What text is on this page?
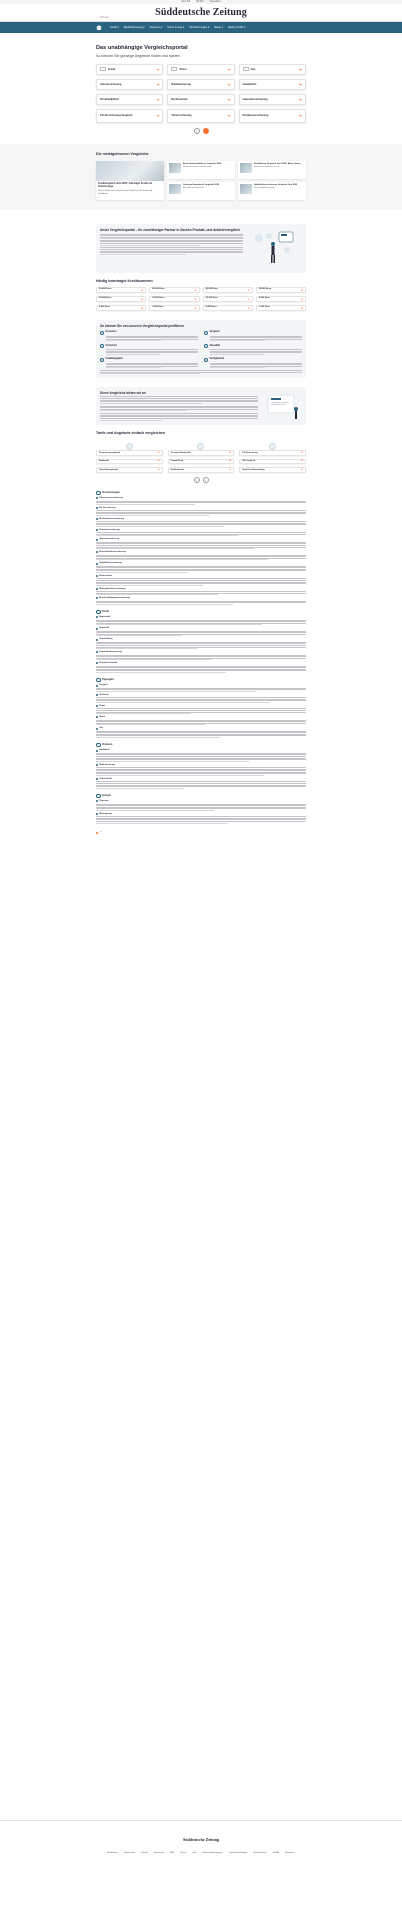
Zum SZ	SZ Abo	Anmelden
Süddeutsche Zeitung
Anzeige
Kredit ▾ Baufinanzierung ▾ Finanzen ▾ Strom & Gas ▾ Versicherungen ▾ Reise ▾ Handy & DSL ▾
Das unabhängige Vergleichsportal
So können Sie günstige Angebote finden und sparen
Kredit	➔	Strom	➔	Gas	➔
Autoversicherung	➔	Baufinanzierung	➔	Handytarife	➔
Privathaftpflicht	➔	Rechtsschutz	➔	Hausratversicherung	➔
Kfz-Versicherung Vergleich	➔	Tierversicherung	➔	Krankenversicherung	➔
‹	›
Die meistgelesenen Vergleiche
Kreditvergleich Juni 2025 | Günstiger Kredit mit Sofortzusage
Welche Kredite sind aktuell günstig? Vergleichen Sie Zinsen und Konditionen.
Beste Kontomodelle im Vergleich 2025
Girokonto kostenlos und mit Prämie
Kreditkarten Vergleich Juni 2025 | Beste Karten
Kostenlose Kreditkarten im Test
Günstige Handytarife Vergleich 2025
Allnet-Flat und Datentarife
Haftpflichtversicherung Vergleich Juni 2025
Private Haftpflicht günstig
Unser Vergleichsportal – Ihr zuverlässiger Partner in Sachen Produkt- und Anbietervergleich
Häufig beantragte Kreditsummen
60.000 Euro	➔	80.000 Euro	➔	40.000 Euro	➔	25.000 Euro	➔
20.000 Euro	➔	15.000 Euro	➔	10.000 Euro	➔	8.000 Euro	➔
5.000 Euro	➔	3.000 Euro	➔	2.000 Euro	➔	1.000 Euro	➔
So können Sie von unseren Vergleichsportal profitieren
Kostenlos	Vergleich
Sicherheit	Aktualität
Unabhängigkeit	Verfügbarkeit
Diese Vergleiche bieten wir an
Tarife und Angebote einfach vergleichen
Finanzierungsvergleich	➔	Günstige Ratenkredite	➔	Kfz-Finanzierung	➔
Bankkredit	➔	Prepaid Tarife	➔	DSL Vergleich	➔
Umschuldungskredit	➔	Mobilfunktarife	➔	Kredit für Selbstständige	➔
‹	›
Versicherungen
Zahnzusatzversicherung
Kfz-Versicherung
Risikolebensversicherung
Krankenversicherung
Hausratversicherung
Reiserücktrittsversicherung
Haftpflichtversicherung
Rechtsschutz
Wohngebäudeversicherung
Berufsunfähigkeitsversicherung
Kredit
Ratenkredit
Autokredit
Umschuldung
Immobilienfinanzierung
Kontokorrentkredit
Tagesgeld
Festgeld
Girokonto
Depot
Strom
Gas
Finanzen
Kreditkarte
Baufinanzierung
Online-Kredit
Energie
Ökostrom
Wärmepumpe
▲
Süddeutsche Zeitung
Mediadaten	Datenschutz	Kontakt	Impressum	AGB	Presse	Jobs	Nutzungsbedingungen	Cookie-Einstellungen	Barrierefreiheit	SZ Abo	Newsletter
